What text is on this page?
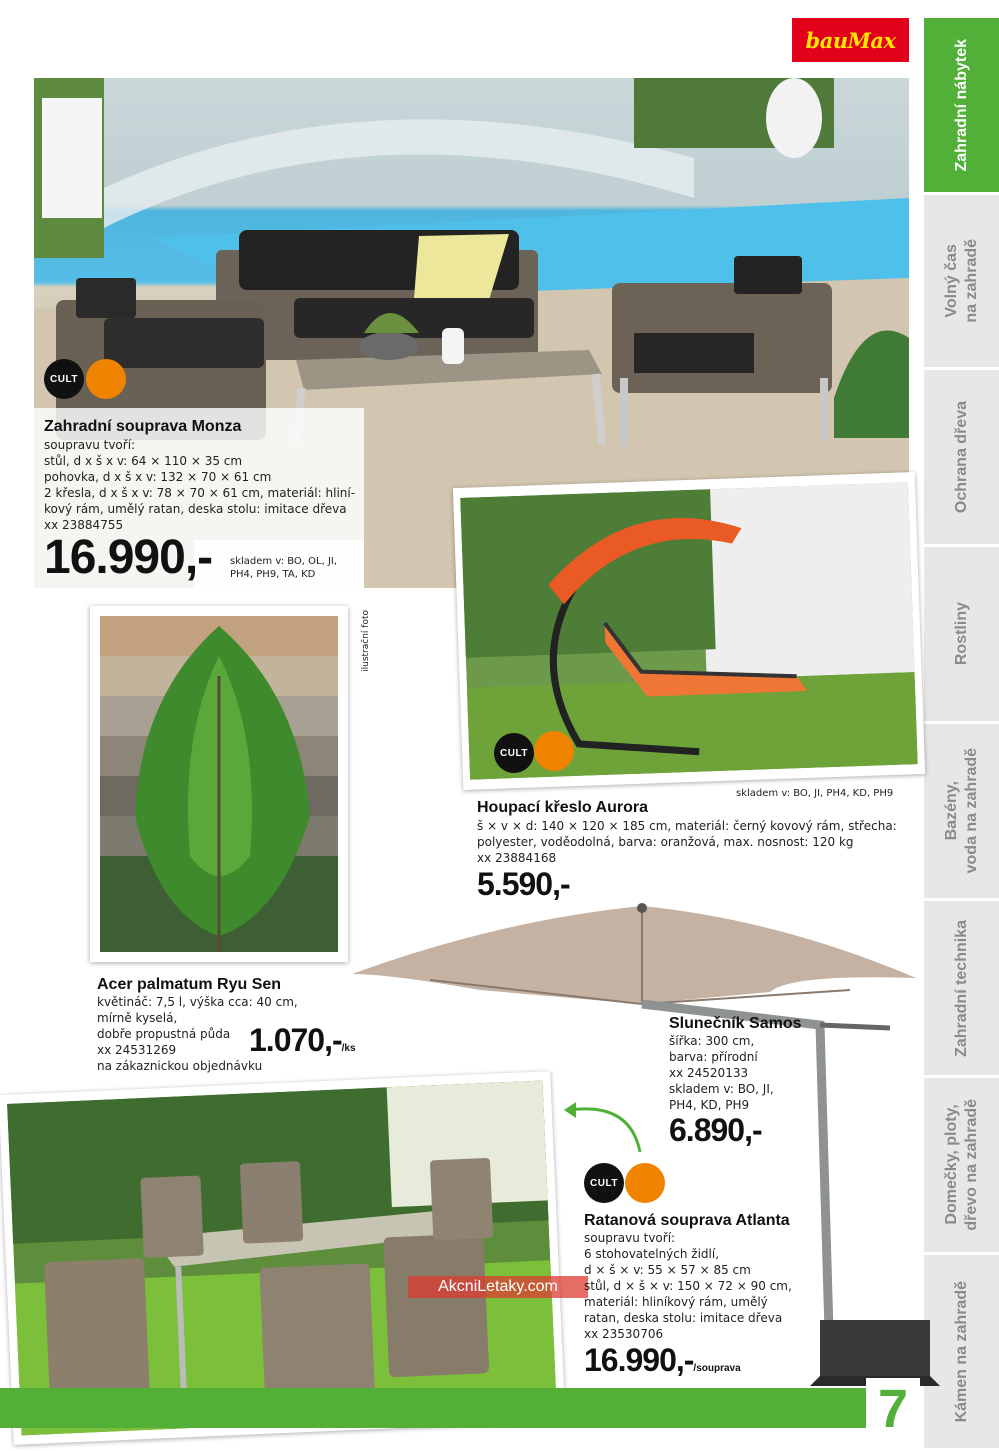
bauMax	Zahradní nábytek
Volný čas
na zahradě
Ochrana dřeva
Rostliny
Bazény,
voda na zahradě
Zahradní technika
Domečky, ploty,
dřevo na zahradě
Kámen na zahradě
CULT
Zahradní souprava Monza
soupravu tvoří:
stůl, d x š x v: 64 × 110 × 35 cm
pohovka, d x š x v: 132 × 70 × 61 cm
2 křesla, d x š x v: 78 × 70 × 61 cm, materiál: hliní-
kový rám, umělý ratan, deska stolu: imitace dřeva
xx 23884755
16.990,- skladem v: BO, OL, JI,
PH4, PH9, TA, KD
CULT
skladem v: BO, JI, PH4, KD, PH9
Houpací křeslo Aurora
š × v × d: 140 × 120 × 185 cm, materiál: černý kovový rám, střecha:
polyester, voděodolná, barva: oranžová, max. nosnost: 120 kg
xx 23884168
5.590,-
ilustrační foto
Acer palmatum Ryu Sen
květináč: 7,5 l, výška cca: 40 cm,
mírně kyselá,
dobře propustná půda
xx 24531269
na zákaznickou objednávku
1.070,- /ks
Slunečník Samos
šířka: 300 cm,
barva: přírodní
xx 24520133
skladem v: BO, JI,
PH4, KD, PH9
6.890,-
AkcniLetaky.com
CULT
Ratanová souprava Atlanta
soupravu tvoří:
6 stohovatelných židlí,
d × š × v: 55 × 57 × 85 cm
stůl, d × š × v: 150 × 72 × 90 cm,
materiál: hliníkový rám, umělý
ratan, deska stolu: imitace dřeva
xx 23530706
16.990,- /souprava
7
